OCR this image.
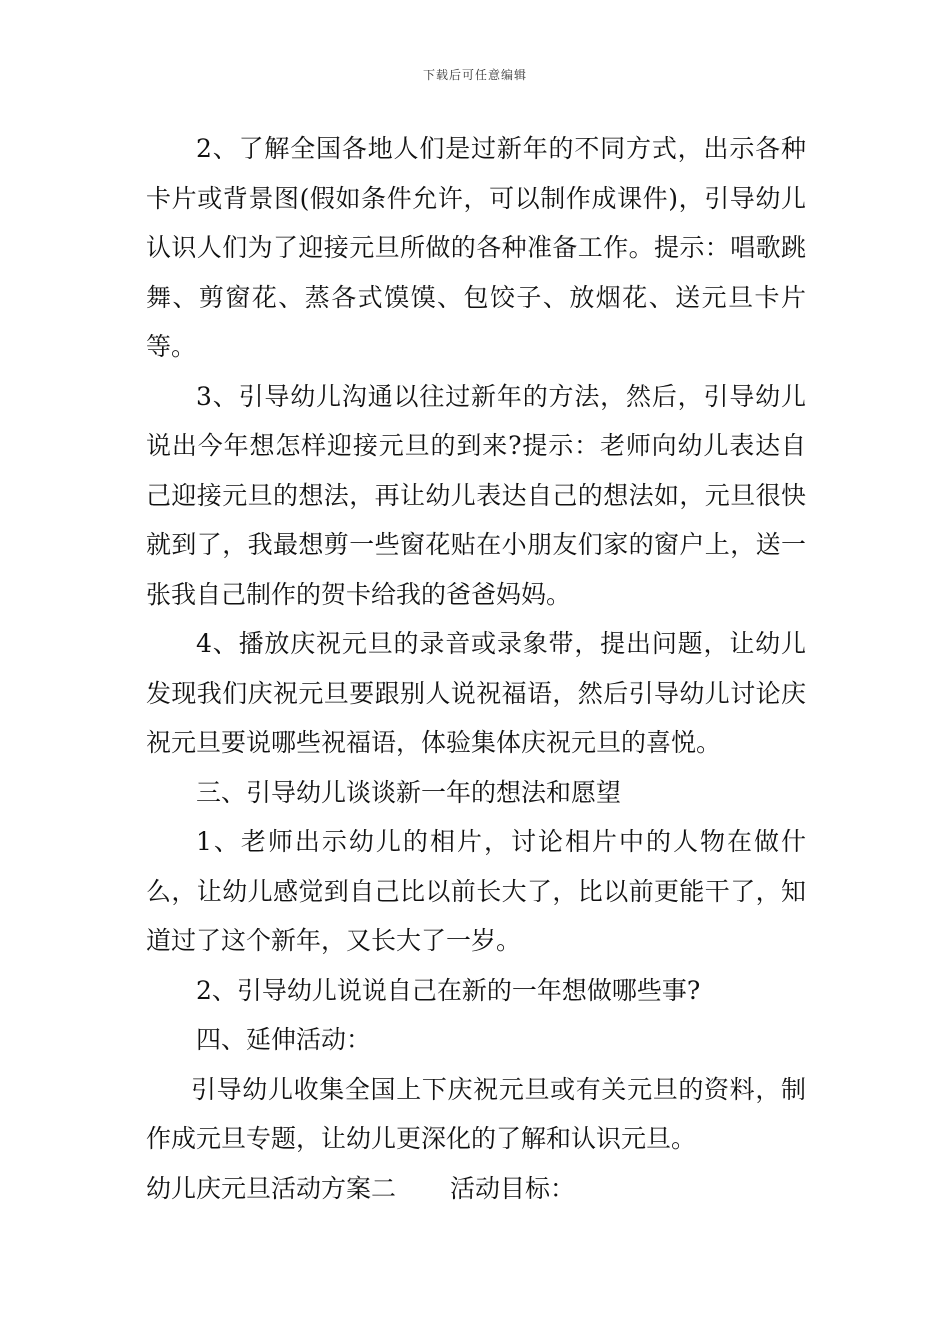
下载后可任意编辑

2、了解全国各地人们是过新年的不同方式，出示各种卡片或背景图(假如条件允许，可以制作成课件)，引导幼儿认识人们为了迎接元旦所做的各种准备工作。提示：唱歌跳舞、剪窗花、蒸各式馍馍、包饺子、放烟花、送元旦卡片等。

3、引导幼儿沟通以往过新年的方法，然后，引导幼儿说出今年想怎样迎接元旦的到来?提示：老师向幼儿表达自己迎接元旦的想法，再让幼儿表达自己的想法如，元旦很快就到了，我最想剪一些窗花贴在小朋友们家的窗户上，送一张我自己制作的贺卡给我的爸爸妈妈。

4、播放庆祝元旦的录音或录象带，提出问题，让幼儿发现我们庆祝元旦要跟别人说祝福语，然后引导幼儿讨论庆祝元旦要说哪些祝福语，体验集体庆祝元旦的喜悦。

三、引导幼儿谈谈新一年的想法和愿望

1、老师出示幼儿的相片，讨论相片中的人物在做什么，让幼儿感觉到自己比以前长大了，比以前更能干了，知道过了这个新年，又长大了一岁。

2、引导幼儿说说自己在新的一年想做哪些事?

四、延伸活动：

引导幼儿收集全国上下庆祝元旦或有关元旦的资料，制作成元旦专题，让幼儿更深化的了解和认识元旦。

幼儿庆元旦活动方案二 活动目标：
